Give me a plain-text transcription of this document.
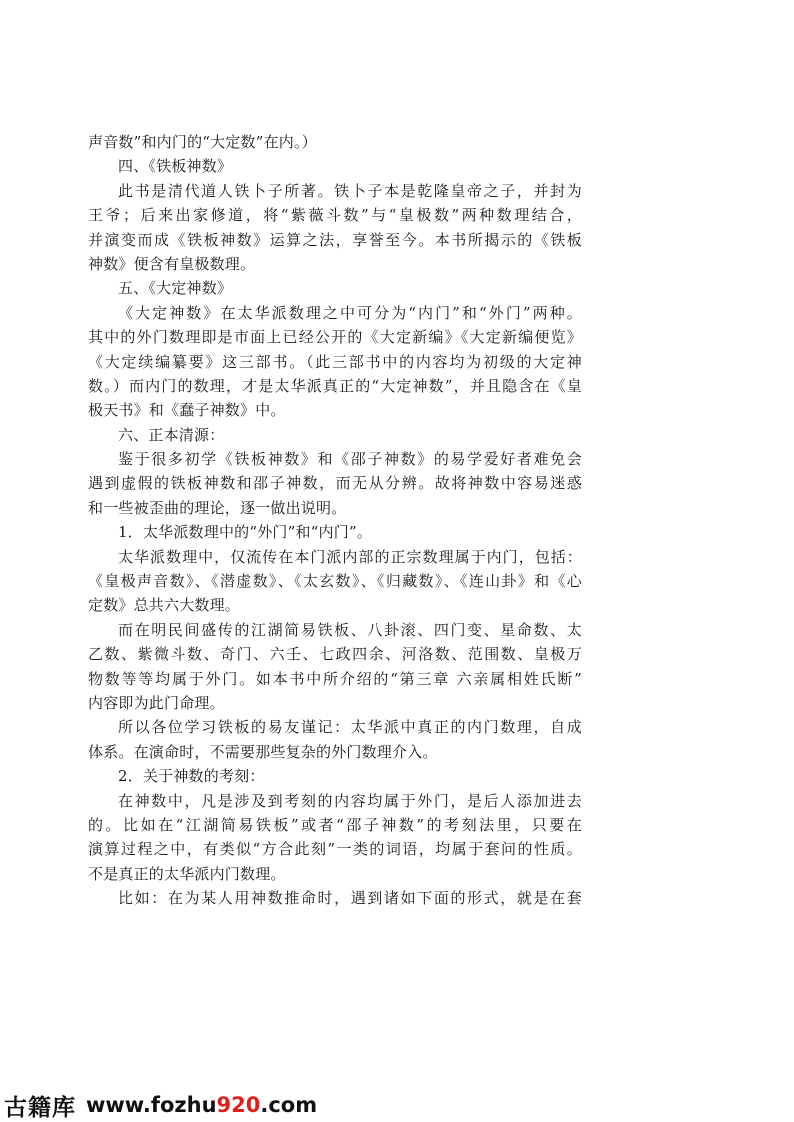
声音数”和内门的“大定数”在内。）
四、《铁板神数》
此书是清代道人铁卜子所著。铁卜子本是乾隆皇帝之子，并封为
王爷；后来出家修道，将“紫薇斗数”与“皇极数”两种数理结合，
并演变而成《铁板神数》运算之法，享誉至今。本书所揭示的《铁板
神数》便含有皇极数理。
五、《大定神数》
《大定神数》在太华派数理之中可分为“内门”和“外门”两种。
其中的外门数理即是市面上已经公开的《大定新编》《大定新编便览》
《大定续编纂要》这三部书。（此三部书中的内容均为初级的大定神
数。）而内门的数理，才是太华派真正的“大定神数”，并且隐含在《皇
极天书》和《蠢子神数》中。
六、正本清源：
鉴于很多初学《铁板神数》和《邵子神数》的易学爱好者难免会
遇到虚假的铁板神数和邵子神数，而无从分辨。故将神数中容易迷惑
和一些被歪曲的理论，逐一做出说明。
1．太华派数理中的“外门”和“内门”。
太华派数理中，仅流传在本门派内部的正宗数理属于内门，包括：
《皇极声音数》、《潜虚数》、《太玄数》、《归藏数》、《连山卦》和《心
定数》总共六大数理。
而在明民间盛传的江湖简易铁板、八卦滚、四门变、星命数、太
乙数、紫微斗数、奇门、六壬、七政四余、河洛数、范围数、皇极万
物数等等均属于外门。如本书中所介绍的“第三章 六亲属相姓氏断”
内容即为此门命理。
所以各位学习铁板的易友谨记：太华派中真正的内门数理，自成
体系。在演命时，不需要那些复杂的外门数理介入。
2．关于神数的考刻：
在神数中，凡是涉及到考刻的内容均属于外门，是后人添加进去
的。比如在“江湖简易铁板”或者“邵子神数”的考刻法里，只要在
演算过程之中，有类似“方合此刻”一类的词语，均属于套问的性质。
不是真正的太华派内门数理。
比如：在为某人用神数推命时，遇到诸如下面的形式，就是在套
古籍库 www.fozhu920.com
